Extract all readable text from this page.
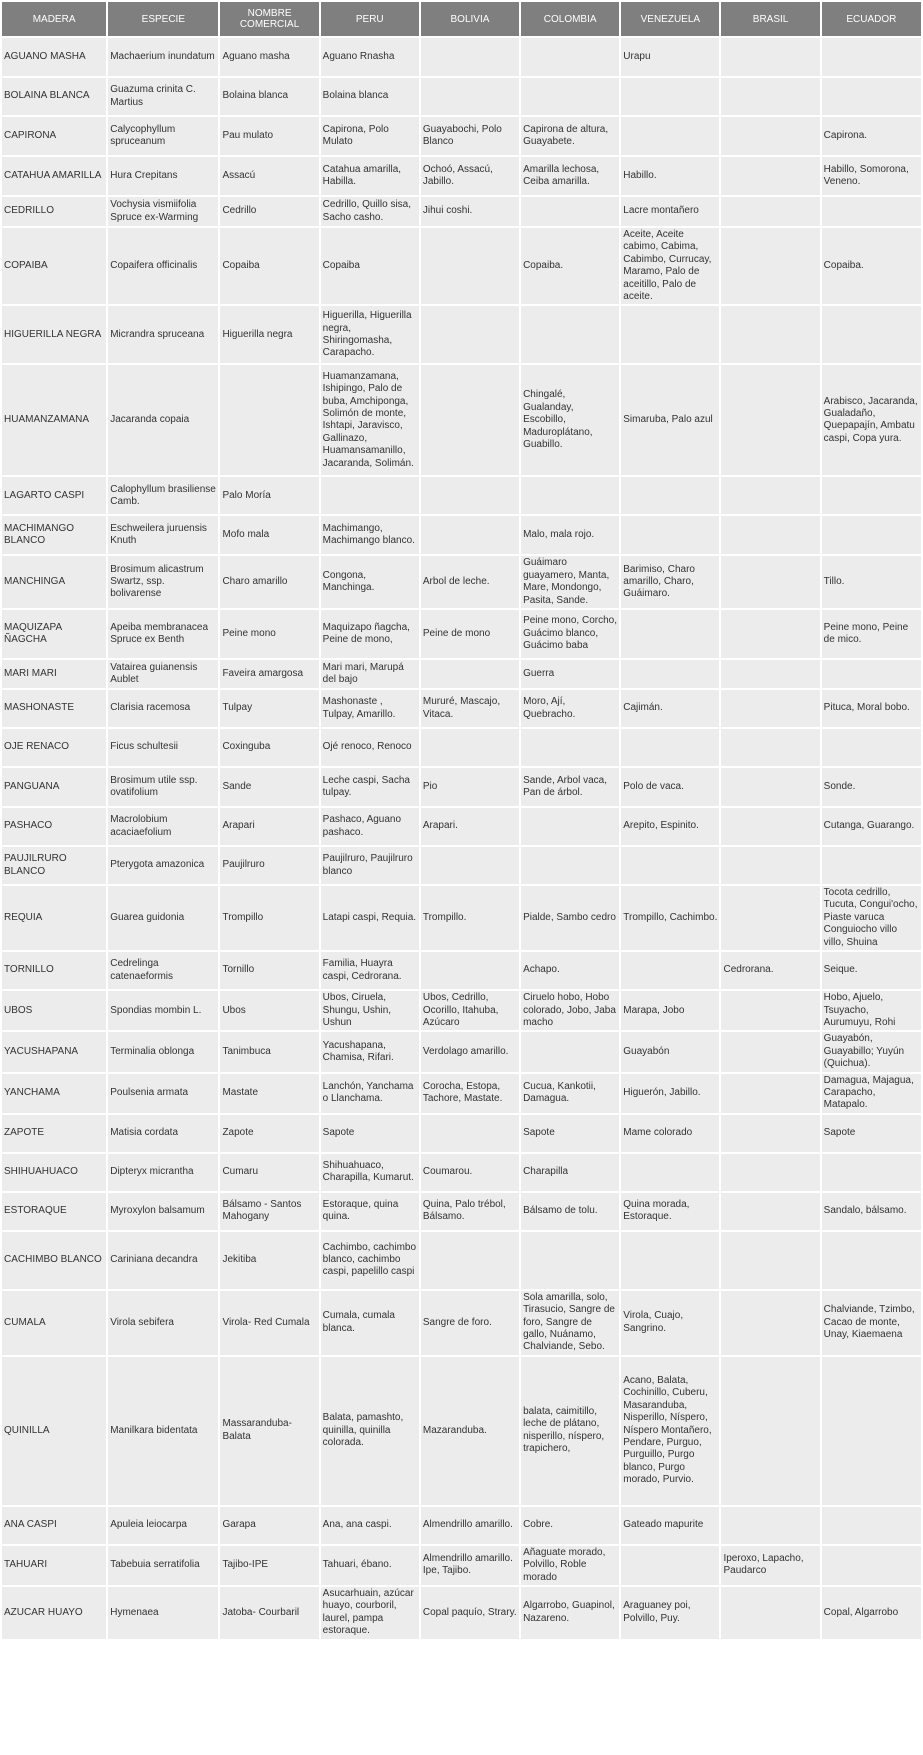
MADERA	ESPECIE	NOMBRE COMERCIAL	PERU	BOLIVIA	COLOMBIA	VENEZUELA	BRASIL	ECUADOR
AGUANO MASHA	Machaerium inundatum	Aguano masha	Aguano Rnasha			Urapu		
BOLAINA BLANCA	Guazuma crinita C. Martius	Bolaina blanca	Bolaina blanca					
CAPIRONA	Calycophyllum spruceanum	Pau mulato	Capirona, Polo Mulato	Guayabochi, Polo Blanco	Capirona de altura, Guayabete.			Capirona.
CATAHUA AMARILLA	Hura Crepitans	Assacú	Catahua amarilla, Habilla.	Ochoó, Assacú, Jabillo.	Amarilla lechosa, Ceiba amarilla.	Habillo.		Habillo, Somorona, Veneno.
CEDRILLO	Vochysia vismiifolia Spruce ex-Warming	Cedrillo	Cedrillo, Quillo sisa, Sacho casho.	Jihui coshi.		Lacre montañero		
COPAIBA	Copaifera officinalis	Copaiba	Copaiba		Copaiba.	Aceite, Aceite cabimo, Cabima, Cabimbo, Currucay, Maramo, Palo de aceitillo, Palo de aceite.		Copaiba.
HIGUERILLA NEGRA	Micrandra spruceana	Higuerilla negra	Higuerilla, Higuerilla negra, Shiringomasha, Carapacho.					
HUAMANZAMANA	Jacaranda copaia		Huamanzamana, Ishipingo, Palo de buba, Amchiponga, Solimón de monte, Ishtapi, Jaravisco, Gallinazo, Huamansamanillo, Jacaranda, Solimán.		Chingalé, Gualanday, Escobillo, Maduroplátano, Guabillo.	Simaruba, Palo azul		Arabisco, Jacaranda, Gualadaño, Quepapajín, Ambatu caspi, Copa yura.
LAGARTO CASPI	Calophyllum brasiliense Camb.	Palo Moría						
MACHIMANGO BLANCO	Eschweilera juruensis Knuth	Mofo mala	Machimango, Machimango blanco.		Malo, mala rojo.			
MANCHINGA	Brosimum alicastrum Swartz, ssp. bolivarense	Charo amarillo	Congona, Manchinga.	Arbol de leche.	Guáimaro guayamero, Manta, Mare, Mondongo, Pasita, Sande.	Barimiso, Charo amarillo, Charo, Guáimaro.		Tillo.
MAQUIZAPA ÑAGCHA	Apeiba membranacea Spruce ex Benth	Peine mono	Maquizapo ñagcha, Peine de mono,	Peine de mono	Peine mono, Corcho, Guácimo blanco, Guácimo baba			Peine mono, Peine de mico.
MARI MARI	Vatairea guianensis Aublet	Faveira amargosa	Mari mari, Marupá del bajo		Guerra			
MASHONASTE	Clarisia racemosa	Tulpay	Mashonaste , Tulpay, Amarillo.	Mururé, Mascajo, Vitaca.	Moro, Ají, Quebracho.	Cajimán.		Pituca, Moral bobo.
OJE RENACO	Ficus schultesii	Coxinguba	Ojé renoco, Renoco					
PANGUANA	Brosimum utile ssp. ovatifolium	Sande	Leche caspi, Sacha tulpay.	Pio	Sande, Arbol vaca, Pan de árbol.	Polo de vaca.		Sonde.
PASHACO	Macrolobium acaciaefolium	Arapari	Pashaco, Aguano pashaco.	Arapari.		Arepito, Espinito.		Cutanga, Guarango.
PAUJILRURO BLANCO	Pterygota amazonica	Paujilruro	Paujilruro, Paujilruro blanco					
REQUIA	Guarea guidonia	Trompillo	Latapi caspi, Requia.	Trompillo.	Pialde, Sambo cedro	Trompillo, Cachimbo.		Tocota cedrillo, Tucuta, Congui'ocho, Piaste varuca Conguiocho villo villo, Shuina
TORNILLO	Cedrelinga catenaeformis	Tornillo	Familia, Huayra caspi, Cedrorana.		Achapo.		Cedrorana.	Seique.
UBOS	Spondias mombin L.	Ubos	Ubos, Ciruela, Shungu, Ushin, Ushun	Ubos, Cedrillo, Ocorillo, Itahuba, Azúcaro	Ciruelo hobo, Hobo colorado, Jobo, Jaba macho	Marapa, Jobo		Hobo, Ajuelo, Tsuyacho, Aurumuyu, Rohi
YACUSHAPANA	Terminalia oblonga	Tanimbuca	Yacushapana, Chamisa, Rifari.	Verdolago amarillo.		Guayabón		Guayabón, Guayabillo; Yuyún (Quichua).
YANCHAMA	Poulsenia armata	Mastate	Lanchón, Yanchama o Llanchama.	Corocha, Estopa, Tachore, Mastate.	Cucua, Kankotii, Damagua.	Higuerón, Jabillo.		Damagua, Majagua, Carapacho, Matapalo.
ZAPOTE	Matisia cordata	Zapote	Sapote		Sapote	Mame colorado		Sapote
SHIHUAHUACO	Dipteryx micrantha	Cumaru	Shihuahuaco, Charapilla, Kumarut.	Coumarou.	Charapilla			
ESTORAQUE	Myroxylon balsamum	Bálsamo - Santos Mahogany	Estoraque, quina quina.	Quina, Palo trébol, Bálsamo.	Bálsamo de tolu.	Quina morada, Estoraque.		Sandalo, bálsamo.
CACHIMBO BLANCO	Cariniana decandra	Jekitiba	Cachimbo, cachimbo blanco, cachimbo caspi, papelillo caspi					
CUMALA	Virola sebifera	Virola- Red Cumala	Cumala, cumala blanca.	Sangre de foro.	Sola amarilla, solo, Tirasucio, Sangre de foro, Sangre de gallo, Nuánamo, Chalviande, Sebo.	Virola, Cuajo, Sangrino.		Chalviande, Tzimbo, Cacao de monte, Unay, Kiaemaena
QUINILLA	Manilkara bidentata	Massaranduba- Balata	Balata, pamashto, quinilla, quinilla colorada.	Mazaranduba.	balata, caimitillo, leche de plátano, nisperillo, níspero, trapichero,	Acano, Balata, Cochinillo, Cuberu, Masaranduba, Nisperillo, Níspero, Níspero Montañero, Pendare, Purguo, Purguillo, Purgo blanco, Purgo morado, Purvio.		
ANA CASPI	Apuleia leiocarpa	Garapa	Ana, ana caspi.	Almendrillo amarillo.	Cobre.	Gateado mapurite		
TAHUARI	Tabebuia serratifolia	Tajibo-IPE	Tahuari, ébano.	Almendrillo amarillo. Ipe, Tajibo.	Añaguate morado, Polvillo, Roble morado		Iperoxo, Lapacho, Paudarco	
AZUCAR HUAYO	Hymenaea	Jatoba- Courbaril	Asucarhuain, azúcar huayo, courboril, laurel, pampa estoraque.	Copal paquío, Strary.	Algarrobo, Guapinol, Nazareno.	Araguaney poi, Polvillo, Puy.		Copal, Algarrobo
